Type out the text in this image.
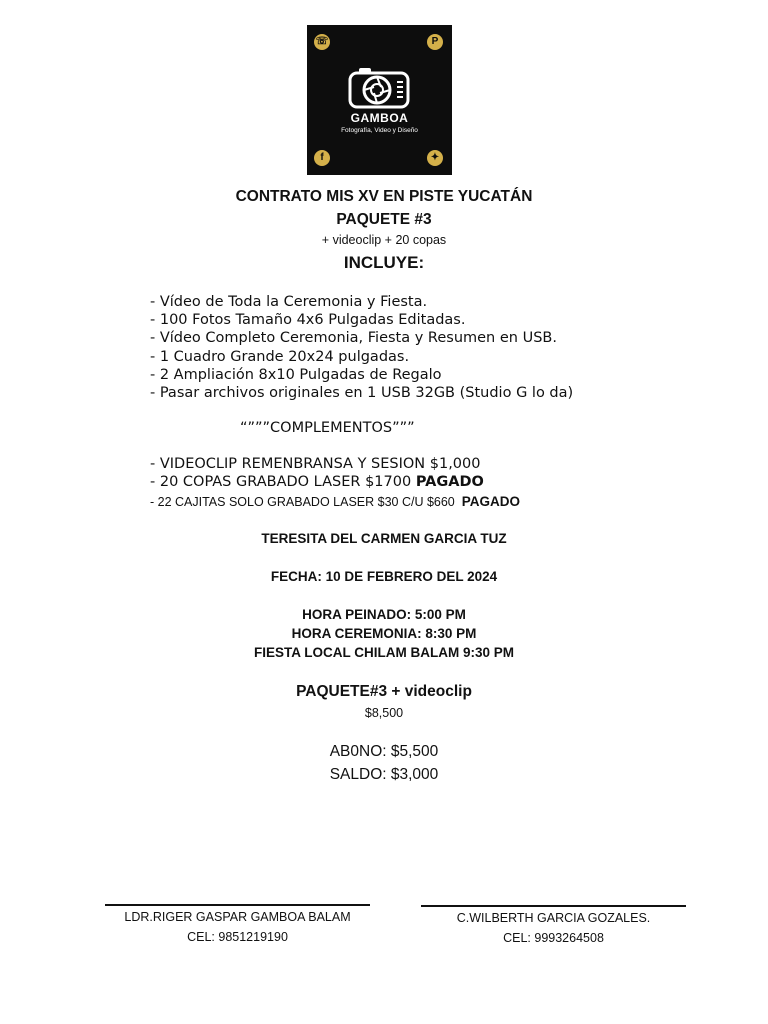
☏	P
f	✦
GAMBOA
Fotografía, Video y Diseño
CONTRATO MIS XV EN PISTE YUCATÁN
PAQUETE #3
+ videoclip + 20 copas
INCLUYE:
- Vídeo de Toda la Ceremonia y Fiesta.
- 100 Fotos Tamaño 4x6 Pulgadas Editadas.
- Vídeo Completo Ceremonia, Fiesta y Resumen en USB.
- 1 Cuadro Grande 20x24 pulgadas.
- 2 Ampliación 8x10 Pulgadas de Regalo
- Pasar archivos originales en 1 USB 32GB (Studio G lo da)
“”””COMPLEMENTOS”””
- VIDEOCLIP REMENBRANSA Y SESION $1,000
- 20 COPAS GRABADO LASER $1700 PAGADO
- 22 CAJITAS SOLO GRABADO LASER $30 C/U $660 PAGADO
TERESITA DEL CARMEN GARCIA TUZ
FECHA: 10 DE FEBRERO DEL 2024
HORA PEINADO: 5:00 PM
HORA CEREMONIA: 8:30 PM
FIESTA LOCAL CHILAM BALAM 9:30 PM
PAQUETE#3 + videoclip
$8,500
AB0NO: $5,500
SALDO: $3,000
LDR.RIGER GASPAR GAMBOA BALAM
CEL: 9851219190
C.WILBERTH GARCIA GOZALES.
CEL: 9993264508
